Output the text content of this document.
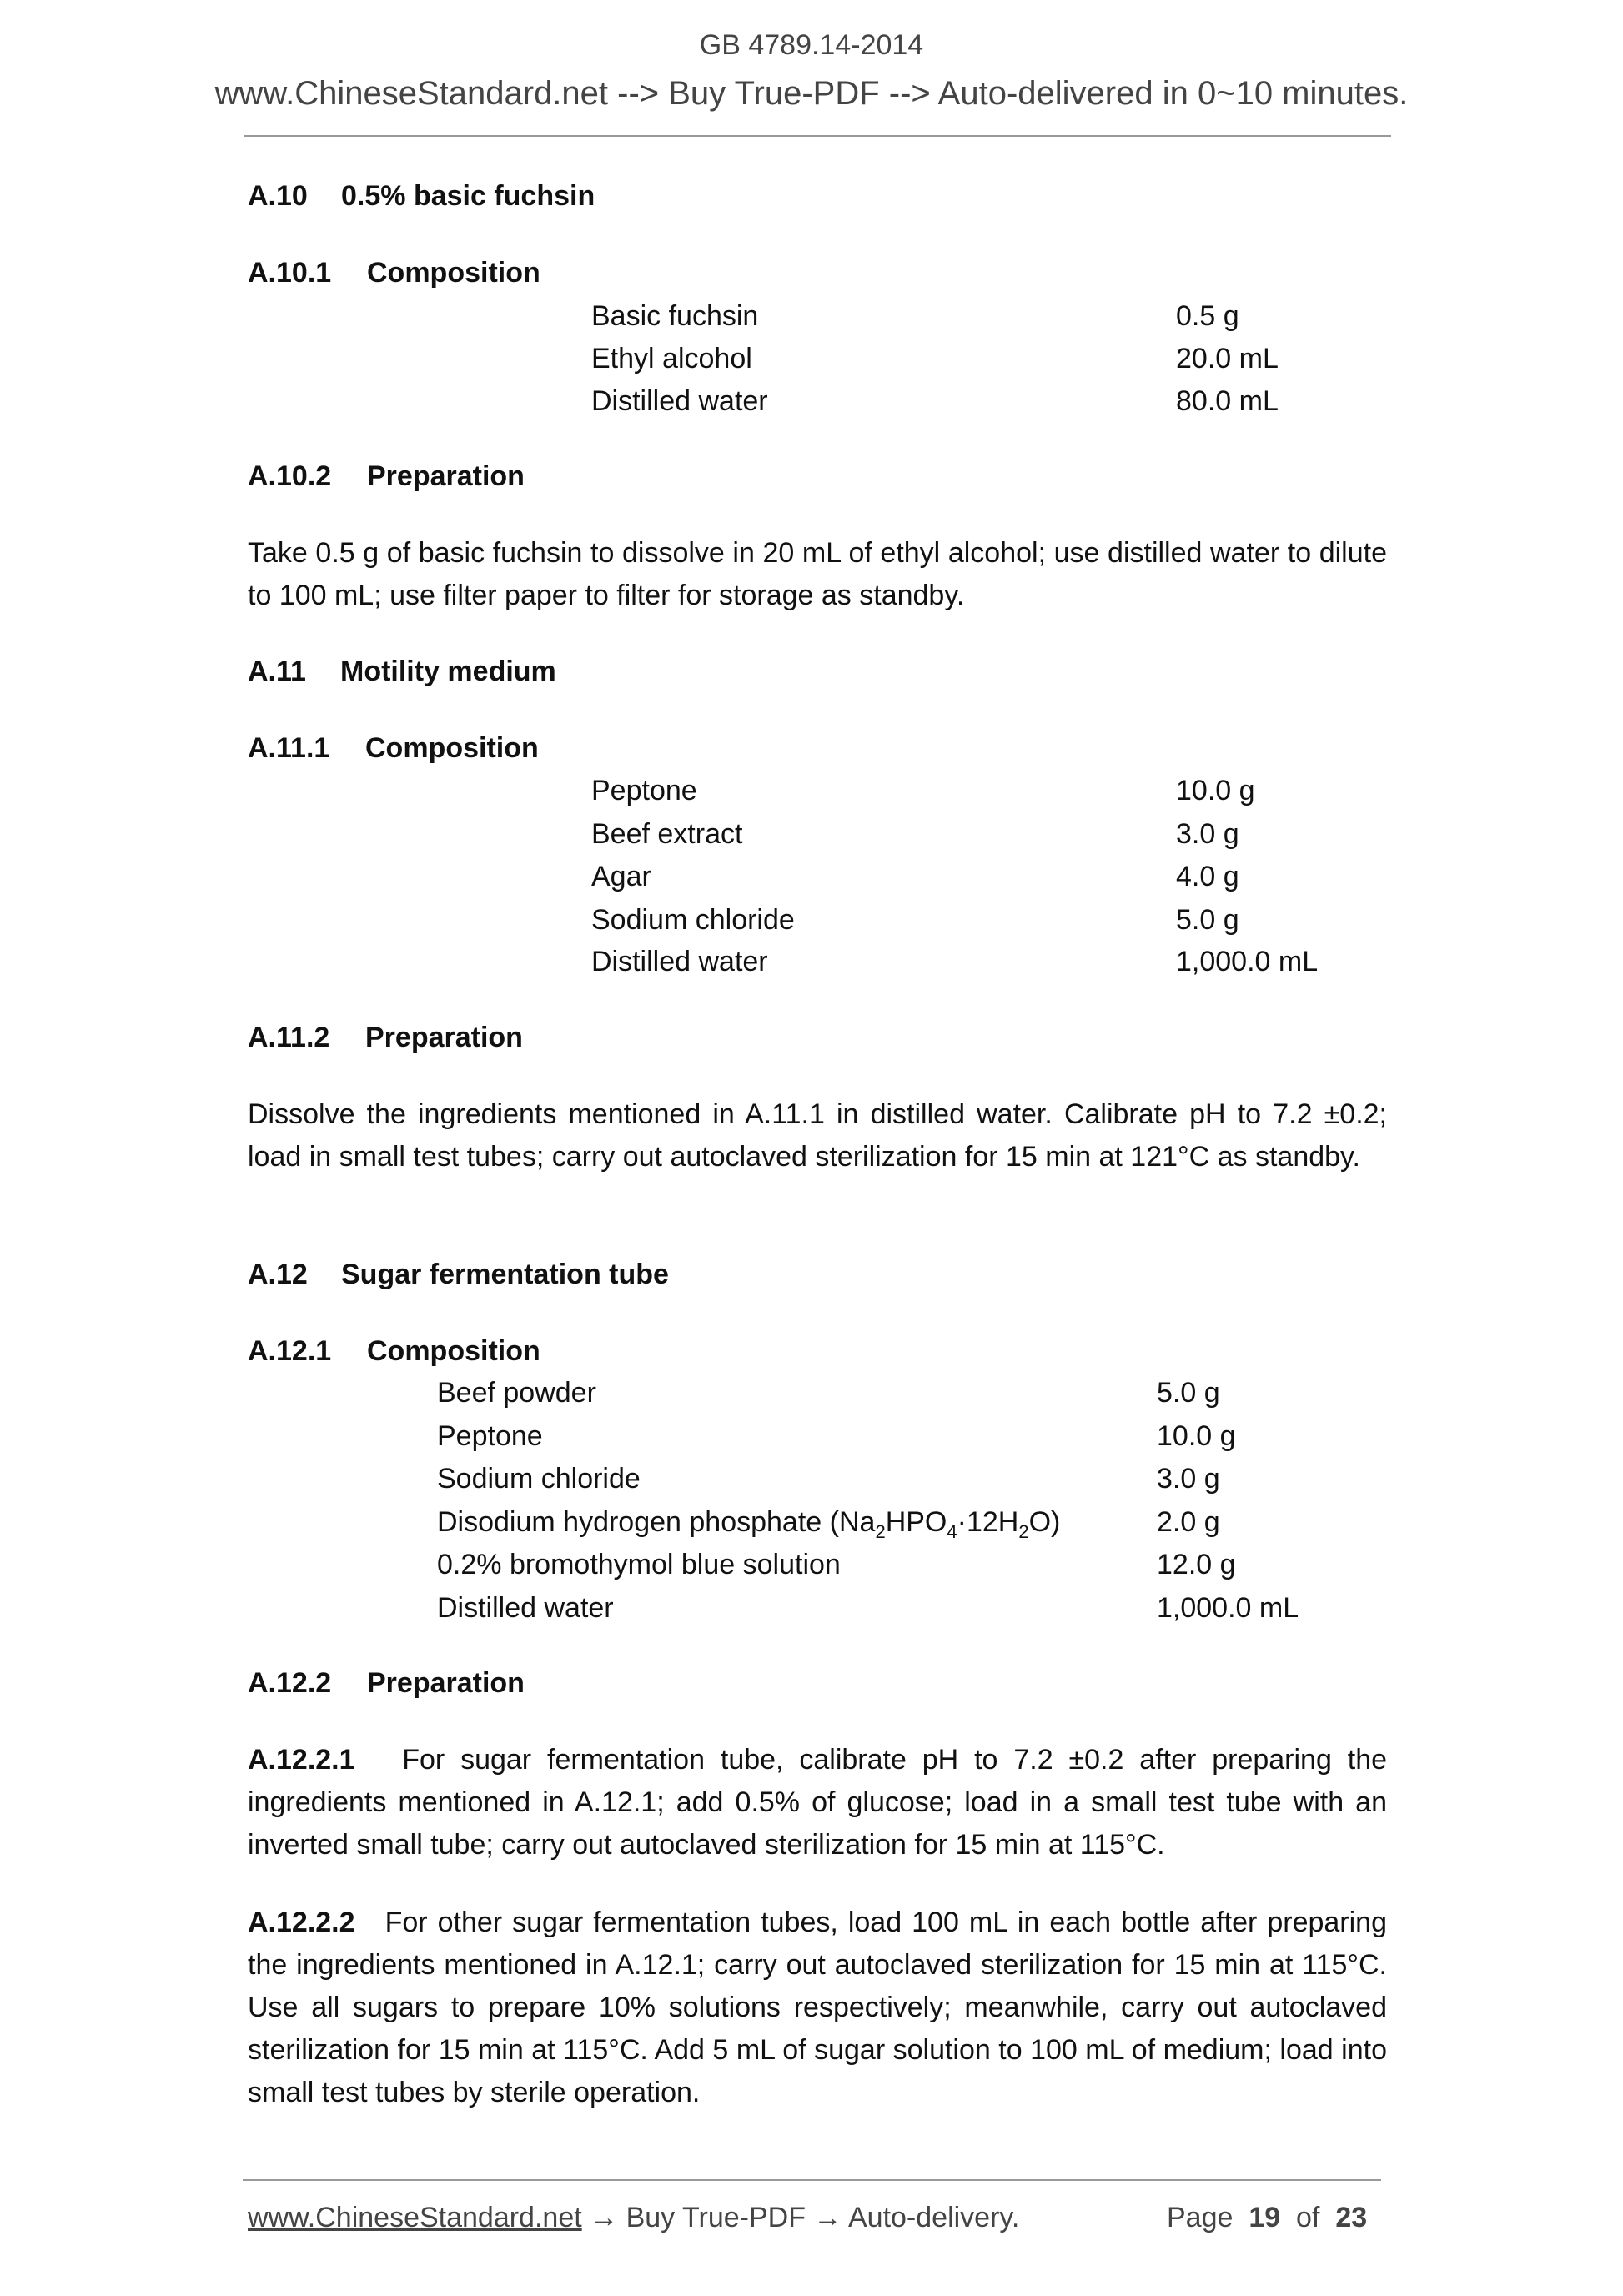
GB 4789.14-2014
www.ChineseStandard.net --> Buy True-PDF --> Auto-delivered in 0~10 minutes.
A.10 0.5% basic fuchsin
A.10.1 Composition
Basic fuchsin	0.5 g
Ethyl alcohol	20.0 mL
Distilled water	80.0 mL
A.10.2 Preparation
Take 0.5 g of basic fuchsin to dissolve in 20 mL of ethyl alcohol; use distilled water to dilute to 100 mL; use filter paper to filter for storage as standby.
A.11 Motility medium
A.11.1 Composition
Peptone	10.0 g
Beef extract	3.0 g
Agar	4.0 g
Sodium chloride	5.0 g
Distilled water	1,000.0 mL
A.11.2 Preparation
Dissolve the ingredients mentioned in A.11.1 in distilled water. Calibrate pH to 7.2 ±0.2; load in small test tubes; carry out autoclaved sterilization for 15 min at 121°C as standby.
A.12 Sugar fermentation tube
A.12.1 Composition
Beef powder	5.0 g
Peptone	10.0 g
Sodium chloride	3.0 g
Disodium hydrogen phosphate $(Na_2HPO_4\cdot 12H_2O)$	2.0 g
0.2% bromothymol blue solution	12.0 g
Distilled water	1,000.0 mL
A.12.2 Preparation
A.12.2.1 For sugar fermentation tube, calibrate pH to 7.2 ±0.2 after preparing the ingredients mentioned in A.12.1; add 0.5% of glucose; load in a small test tube with an inverted small tube; carry out autoclaved sterilization for 15 min at 115°C.
A.12.2.2 For other sugar fermentation tubes, load 100 mL in each bottle after preparing the ingredients mentioned in A.12.1; carry out autoclaved sterilization for 15 min at 115°C. Use all sugars to prepare 10% solutions respectively; meanwhile, carry out autoclaved sterilization for 15 min at 115°C. Add 5 mL of sugar solution to 100 mL of medium; load into small test tubes by sterile operation.
www.ChineseStandard.net → Buy True-PDF → Auto-delivery.	Page 19 of 23
